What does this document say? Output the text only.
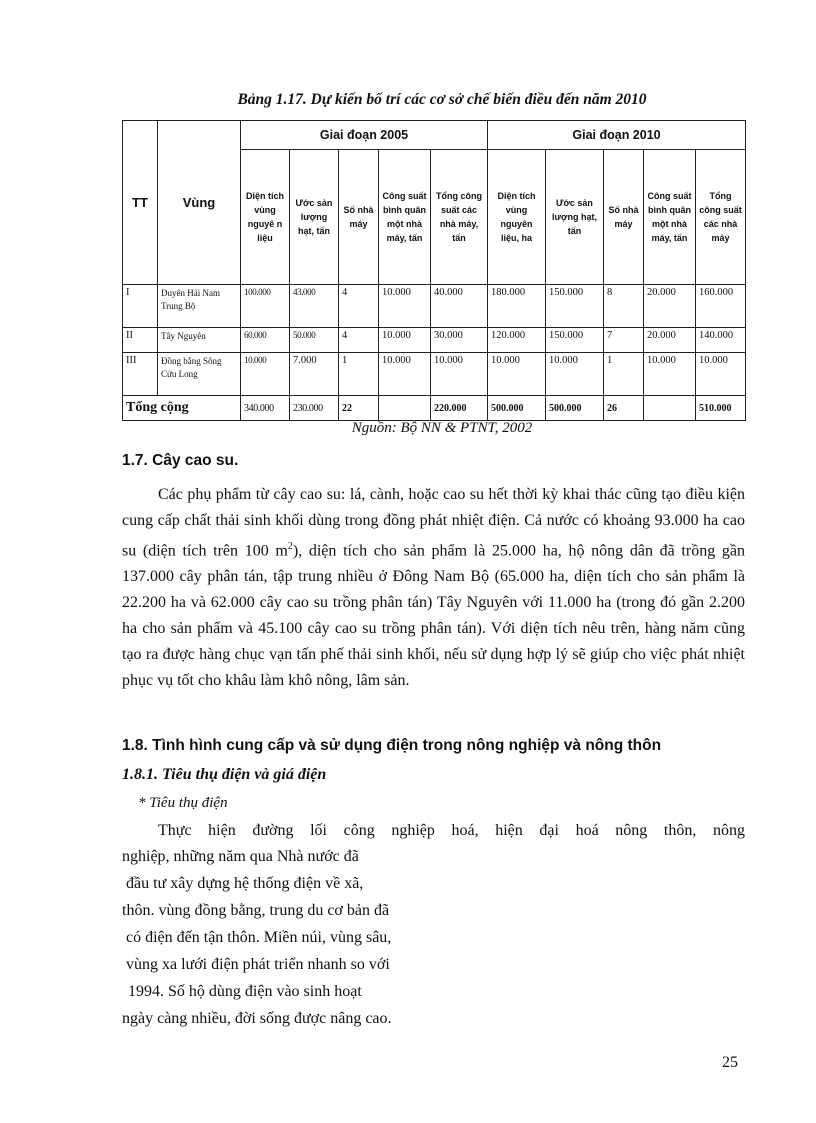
Bảng 1.17. Dự kiến bố trí các cơ sở chế biến điều đến năm 2010
TT	Vùng	Giai đoạn 2005					Giai đoạn 2010				
		Diện tích vùng nguyê n liệu	Ước sản lượng hạt, tấn	Số nhà máy	Công suất bình quân một nhà máy, tấn	Tổng công suất các nhà máy, tấn	Diện tích vùng nguyên liệu, ha	Ước sản lượng hạt, tấn	Số nhà máy	Công suất bình quân một nhà máy, tấn	Tổng công suất các nhà máy
I	Duyên Hải Nam Trung Bộ	100.000	43.000	4	10.000	40.000	180.000	150.000	8	20.000	160.000
II	Tây Nguyên	60.000	50.000	4	10.000	30.000	120.000	150.000	7	20.000	140.000
III	Đồng bằng Sông Cửu Long	10.000	7.000	1	10.000	10.000	10.000	10.000	1	10.000	10.000
Tổng cộng		340.000	230.000	22		220.000	500.000	500.000	26		510.000
Nguồn: Bộ NN & PTNT, 2002
1.7. Cây cao su.

Các phụ phẩm từ cây cao su: lá, cành, hoặc cao su hết thời kỳ khai thác cũng tạo điều kiện cung cấp chất thải sinh khối dùng trong đồng phát nhiệt điện. Cả nước có khoảng 93.000 ha cao su (diện tích trên 100 $m^2$), diện tích cho sản phẩm là 25.000 ha, hộ nông dân đã trồng gần 137.000 cây phân tán, tập trung nhiều ở Đông Nam Bộ (65.000 ha, diện tích cho sản phẩm là 22.200 ha và 62.000 cây cao su trồng phân tán) Tây Nguyên với 11.000 ha (trong đó gần 2.200 ha cho sản phẩm và 45.100 cây cao su trồng phân tán). Với diện tích nêu trên, hàng năm cũng tạo ra được hàng chục vạn tấn phế thải sinh khối, nếu sử dụng hợp lý sẽ giúp cho việc phát nhiệt phục vụ tốt cho khâu làm khô nông, lâm sản.

1.8. Tình hình cung cấp và sử dụng điện trong nông nghiệp và nông thôn
1.8.1. Tiêu thụ điện và giá điện
* Tiêu thụ điện
Thực hiện đường lối công nghiệp hoá, hiện đại hoá nông thôn, nông
nghiệp, những năm qua Nhà nước đã
đầu tư xây dựng hệ thống điện về xã,
thôn. vùng đồng bằng, trung du cơ bản đã
có điện đến tận thôn. Miền núi, vùng sâu,
vùng xa lưới điện phát triển nhanh so với
1994. Số hộ dùng điện vào sinh hoạt
ngày càng nhiều, đời sống được nâng cao.
25
